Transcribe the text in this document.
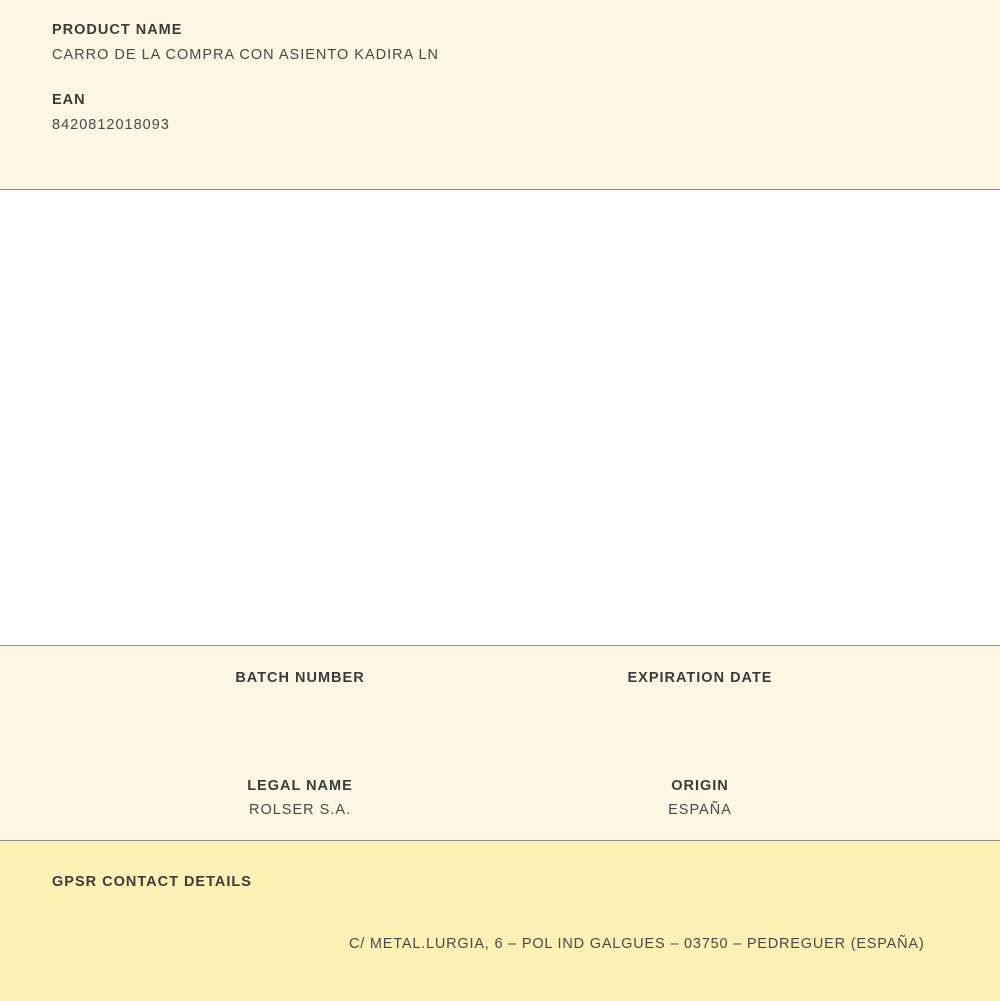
PRODUCT NAME

CARRO DE LA COMPRA CON ASIENTO KADIRA LN

EAN

8420812018093

BATCH NUMBER	EXPIRATION DATE

LEGAL NAME

ROLSER S.A.

ORIGIN

ESPAÑA

GPSR CONTACT DETAILS

C/ METAL.LURGIA, 6 – POL IND GALGUES – 03750 – PEDREGUER (ESPAÑA)
